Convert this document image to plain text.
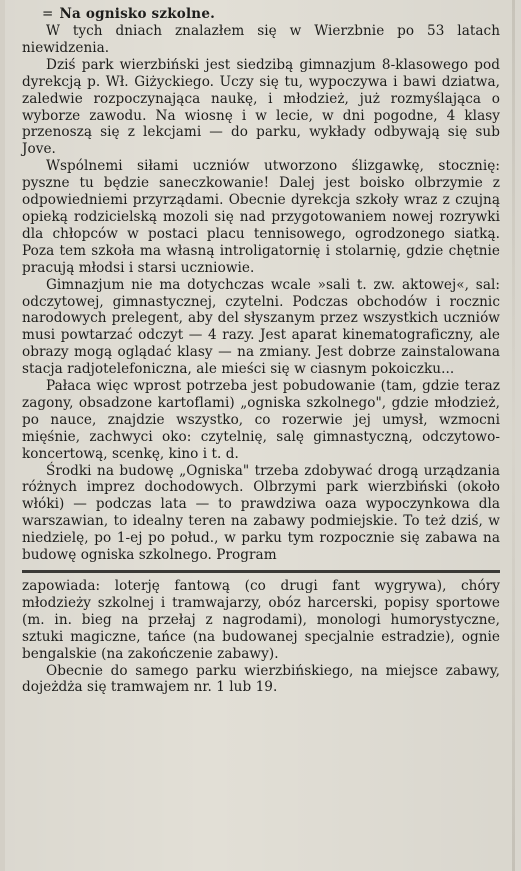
= Na ognisko szkolne.

W tych dniach znalazłem się w Wierzbnie po 53 latach niewidzenia.

Dziś park wierzbiński jest siedzibą gimnazjum 8-klasowego pod dyrekcją p. Wł. Giżyckiego. Uczy się tu, wypoczywa i bawi dziatwa, zaledwie rozpoczynająca naukę, i młodzież, już rozmyślająca o wyborze zawodu. Na wiosnę i w lecie, w dni pogodne, 4 klasy przenoszą się z lekcjami — do parku, wykłady odbywają się sub Jove.

Wspólnemi siłami uczniów utworzono ślizgawkę, stocznię: pyszne tu będzie saneczkowanie! Dalej jest boisko olbrzymie z odpowiedniemi przyrządami. Obecnie dyrekcja szkoły wraz z czujną opieką rodzicielską mozoli się nad przygotowaniem nowej rozrywki dla chłopców w postaci placu tennisowego, ogrodzonego siatką. Poza tem szkoła ma własną introligatornię i stolarnię, gdzie chętnie pracują młodsi i starsi uczniowie.

Gimnazjum nie ma dotychczas wcale »sali t. zw. aktowej«, sal: odczytowej, gimnastycznej, czytelni. Podczas obchodów i rocznic narodowych prelegent, aby del słyszanym przez wszystkich uczniów musi powtarzać odczyt — 4 razy. Jest aparat kinematograficzny, ale obrazy mogą oglądać klasy — na zmiany. Jest dobrze zainstalowana stacja radjotelefoniczna, ale mieści się w ciasnym pokoiczku...

Pałaca więc wprost potrzeba jest pobudowanie (tam, gdzie teraz zagony, obsadzone kartoflami) „ogniska szkolnego", gdzie młodzież, po nauce, znajdzie wszystko, co rozerwie jej umysł, wzmocni mięśnie, zachwyci oko: czytelnię, salę gimnastyczną, odczytowo-koncertową, scenkę, kino i t. d.

Środki na budowę „Ogniska" trzeba zdobywać drogą urządzania różnych imprez dochodowych. Olbrzymi park wierzbiński (około włóki) — podczas lata — to prawdziwa oaza wypoczynkowa dla warszawian, to idealny teren na zabawy podmiejskie. To też dziś, w niedzielę, po 1-ej po połud., w parku tym rozpocznie się zabawa na budowę ogniska szkolnego. Program

zapowiada: loterję fantową (co drugi fant wygrywa), chóry młodzieży szkolnej i tramwajarzy, obóz harcerski, popisy sportowe (m. in. bieg na przełaj z nagrodami), monologi humorystyczne, sztuki magiczne, tańce (na budowanej specjalnie estradzie), ognie bengalskie (na zakończenie zabawy).

Obecnie do samego parku wierzbińskiego, na miejsce zabawy, dojeżdża się tramwajem nr. 1 lub 19.
